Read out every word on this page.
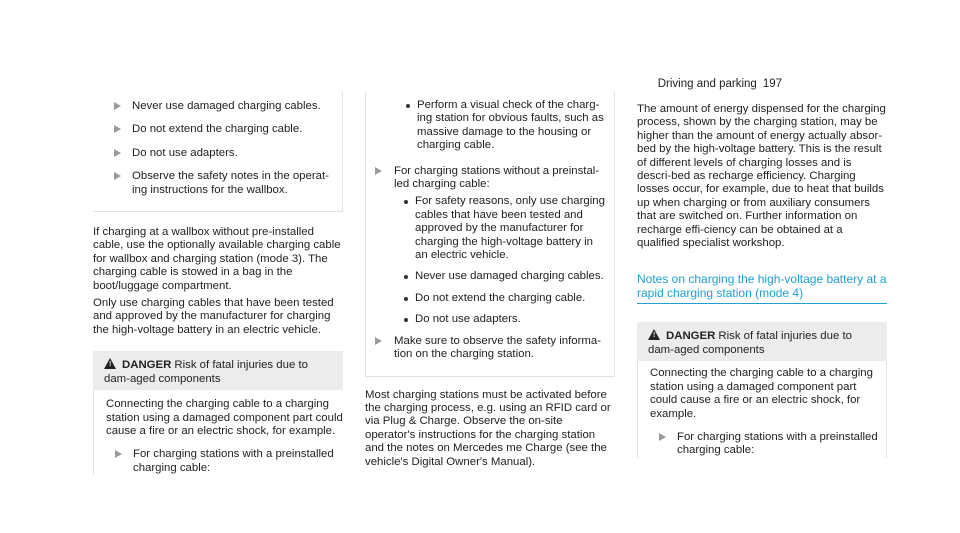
Driving and parking 197
Never use damaged charging cables.
Do not extend the charging cable.
Do not use adapters.
Observe the safety notes in the operat-ing instructions for the wallbox.

If charging at a wallbox without pre-installed cable, use the optionally available charging cable for wallbox and charging station (mode 3). The charging cable is stowed in a bag in the boot/luggage compartment.

Only use charging cables that have been tested and approved by the manufacturer for charging the high-voltage battery in an electric vehicle.

! DANGER Risk of fatal injuries due to dam-aged components

Connecting the charging cable to a charging station using a damaged component part could cause a fire or an electric shock, for example.

For charging stations with a preinstalled charging cable:
Perform a visual check of the charg-ing station for obvious faults, such as massive damage to the housing or charging cable.
For charging stations without a preinstal-led charging cable:
For safety reasons, only use charging cables that have been tested and approved by the manufacturer for charging the high-voltage battery in an electric vehicle.
Never use damaged charging cables.
Do not extend the charging cable.
Do not use adapters.
Make sure to observe the safety informa-tion on the charging station.

Most charging stations must be activated before the charging process, e.g. using an RFID card or via Plug & Charge. Observe the on-site operator's instructions for the charging station and the notes on Mercedes me Charge (see the vehicle's Digital Owner's Manual).

The amount of energy dispensed for the charging process, shown by the charging station, may be higher than the amount of energy actually absor-bed by the high-voltage battery. This is the result of different levels of charging losses and is descri-bed as recharge efficiency. Charging losses occur, for example, due to heat that builds up when charging or from auxiliary consumers that are switched on. Further information on recharge effi-ciency can be obtained at a qualified specialist workshop.

Notes on charging the high-voltage battery at a rapid charging station (mode 4)
! DANGER Risk of fatal injuries due to dam-aged components

Connecting the charging cable to a charging station using a damaged component part could cause a fire or an electric shock, for example.

For charging stations with a preinstalled charging cable:
